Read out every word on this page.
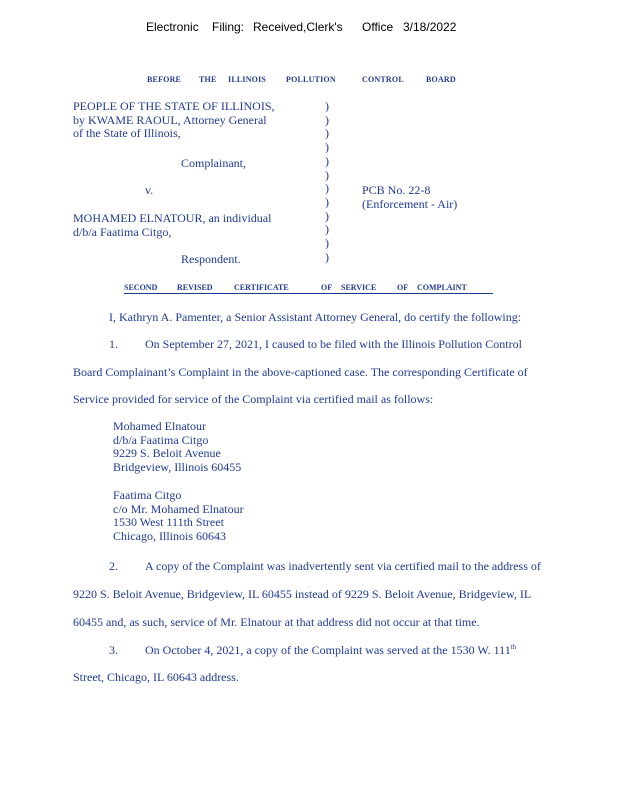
Electronic Filing: Received,Clerk's Office 3/18/2022
BEFORE THE ILLINOIS POLLUTION	CONTROL	BOARD
PEOPLE OF THE STATE OF ILLINOIS,
by KWAME RAOUL, Attorney General
of the State of Illinois,
)
)
)
)
)
)
)
)
)
)
)
)
Complainant,
v.	PCB No. 22-8
(Enforcement - Air)
MOHAMED ELNATOUR, an individual
d/b/a Faatima Citgo,
Respondent.
SECOND REVISED	CERTIFICATE	OF SERVICE	OF COMPLAINT
I, Kathryn A. Pamenter, a Senior Assistant Attorney General, do certify the following:
1. On September 27, 2021, I caused to be filed with the Illinois Pollution Control
Board Complainant’s Complaint in the above-captioned case. The corresponding Certificate of
Service provided for service of the Complaint via certified mail as follows:
Mohamed Elnatour
d/b/a Faatima Citgo
9229 S. Beloit Avenue
Bridgeview, Illinois 60455
Faatima Citgo
c/o Mr. Mohamed Elnatour
1530 West 111th Street
Chicago, Illinois 60643
2. A copy of the Complaint was inadvertently sent via certified mail to the address of
9220 S. Beloit Avenue, Bridgeview, IL 60455 instead of 9229 S. Beloit Avenue, Bridgeview, IL
60455 and, as such, service of Mr. Elnatour at that address did not occur at that time.
3. On October 4, 2021, a copy of the Complaint was served at the 1530 W. 111th
Street, Chicago, IL 60643 address.
